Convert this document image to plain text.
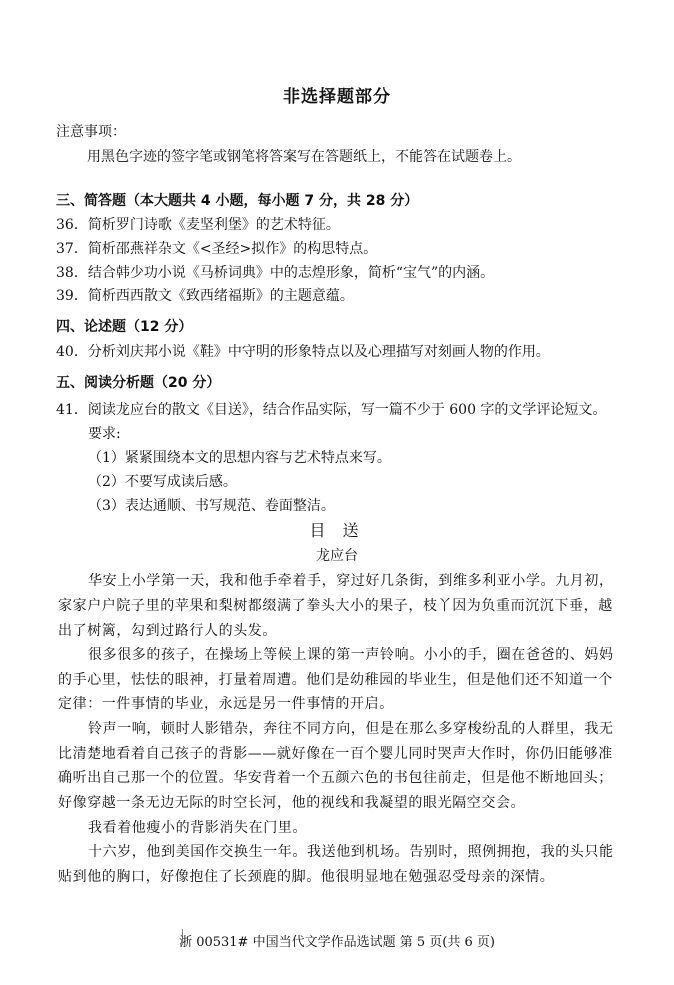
非选择题部分
注意事项：
用黑色字迹的签字笔或钢笔将答案写在答题纸上，不能答在试题卷上。
三、简答题（本大题共 4 小题，每小题 7 分，共 28 分）
36．简析罗门诗歌《麦坚利堡》的艺术特征。
37．简析邵燕祥杂文《<圣经>拟作》的构思特点。
38．结合韩少功小说《马桥词典》中的志煌形象，简析“宝气”的内涵。
39．简析西西散文《致西绪福斯》的主题意蕴。
四、论述题（12 分）
40．分析刘庆邦小说《鞋》中守明的形象特点以及心理描写对刻画人物的作用。
五、阅读分析题（20 分）
41．阅读龙应台的散文《目送》，结合作品实际，写一篇不少于 600 字的文学评论短文。
要求:
（1）紧紧围绕本文的思想内容与艺术特点来写。
（2）不要写成读后感。
（3）表达通顺、书写规范、卷面整洁。
目 送
龙应台
华安上小学第一天，我和他手牵着手，穿过好几条街，到维多利亚小学。九月初，
家家户户院子里的苹果和梨树都缀满了拳头大小的果子，枝丫因为负重而沉沉下垂，越
出了树篱，勾到过路行人的头发。
很多很多的孩子，在操场上等候上课的第一声铃响。小小的手，圈在爸爸的、妈妈
的手心里，怯怯的眼神，打量着周遭。他们是幼稚园的毕业生，但是他们还不知道一个
定律：一件事情的毕业，永远是另一件事情的开启。
铃声一响，顿时人影错杂，奔往不同方向，但是在那么多穿梭纷乱的人群里，我无
比清楚地看着自己孩子的背影——就好像在一百个婴儿同时哭声大作时，你仍旧能够准
确听出自己那一个的位置。华安背着一个五颜六色的书包往前走，但是他不断地回头；
好像穿越一条无边无际的时空长河，他的视线和我凝望的眼光隔空交会。
我看着他瘦小的背影消失在门里。
十六岁，他到美国作交换生一年。我送他到机场。告别时，照例拥抱，我的头只能
贴到他的胸口，好像抱住了长颈鹿的脚。他很明显地在勉强忍受母亲的深情。
浙 00531# 中国当代文学作品选试题 第 5 页(共 6 页)
